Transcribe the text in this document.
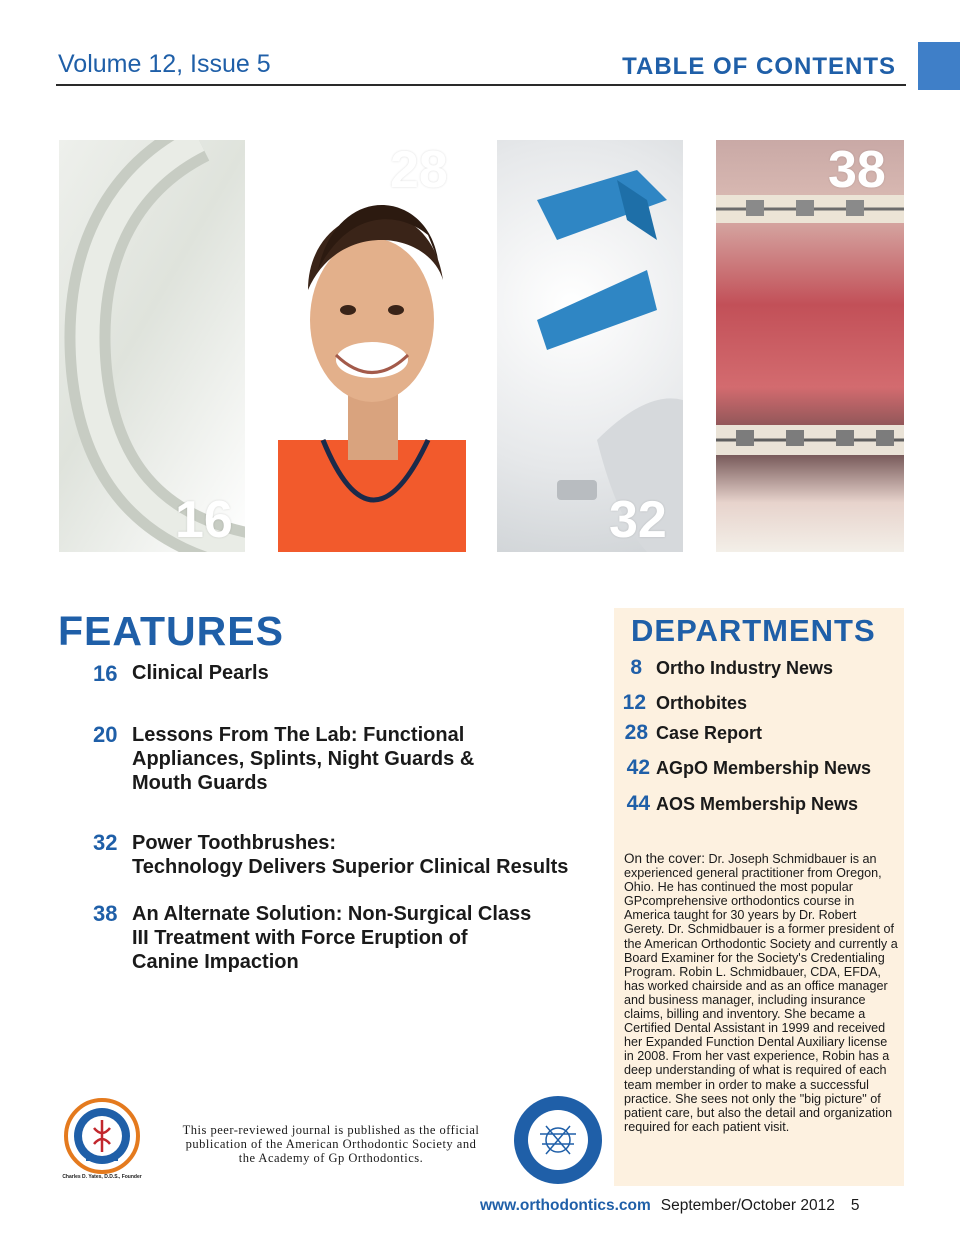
Volume 12, Issue 5	TABLE OF CONTENTS
16
28
32
38
FEATURES
16 Clinical Pearls
20 Lessons From The Lab: Functional
Appliances, Splints, Night Guards &
Mouth Guards
32 Power Toothbrushes:
Technology Delivers Superior Clinical Results
38 An Alternate Solution: Non-Surgical Class
III Treatment with Force Eruption of
Canine Impaction
DEPARTMENTS
8 Ortho Industry News
12 Orthobites
28 Case Report
42 AGpO Membership News
44 AOS Membership News
On the cover: Dr. Joseph Schmidbauer is an experienced general practitioner from Oregon, Ohio. He has continued the most popular GPcomprehensive orthodontics course in America taught for 30 years by Dr. Robert Gerety. Dr. Schmidbauer is a former president of the American Orthodontic Society and currently a Board Examiner for the Society's Credentialing Program. Robin L. Schmidbauer, CDA, EFDA, has worked chairside and as an office manager and business manager, including insurance claims, billing and inventory. She became a Certified Dental Assistant in 1999 and received her Expanded Function Dental Auxiliary license in 2008. From her vast experience, Robin has a deep understanding of what is required of each team member in order to make a successful practice. She sees not only the "big picture" of patient care, but also the detail and organization required for each patient visit.
Charles D. Yates, D.D.S., Founder
This peer-reviewed journal is published as the official
publication of the American Orthodontic Society and
the Academy of Gp Orthodontics.
www.orthodontics.com September/October 2012 5
